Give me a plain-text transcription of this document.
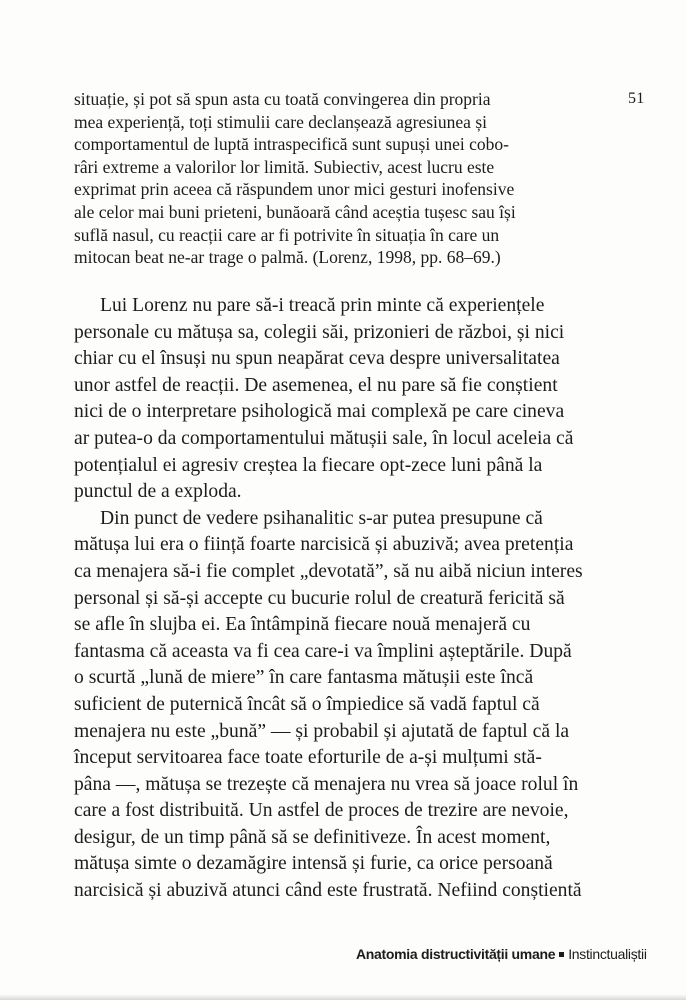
51
situație, și pot să spun asta cu toată convingerea din propria
mea experiență, toți stimulii care declanșează agresiunea și
comportamentul de luptă intraspecifică sunt supuși unei cobo-
râri extreme a valorilor lor limită. Subiectiv, acest lucru este
exprimat prin aceea că răspundem unor mici gesturi inofensive
ale celor mai buni prieteni, bunăoară când aceștia tușesc sau își
suflă nasul, cu reacții care ar fi potrivite în situația în care un
mitocan beat ne-ar trage o palmă. (Lorenz, 1998, pp. 68–69.)
Lui Lorenz nu pare să-i treacă prin minte că experiențele
personale cu mătușa sa, colegii săi, prizonieri de război, și nici
chiar cu el însuși nu spun neapărat ceva despre universalitatea
unor astfel de reacții. De asemenea, el nu pare să fie conștient
nici de o interpretare psihologică mai complexă pe care cineva
ar putea-o da comportamentului mătușii sale, în locul aceleia că
potențialul ei agresiv creștea la fiecare opt-zece luni până la
punctul de a exploda.
Din punct de vedere psihanalitic s-ar putea presupune că
mătușa lui era o ființă foarte narcisică și abuzivă; avea pretenția
ca menajera să-i fie complet „devotată”, să nu aibă niciun interes
personal și să-și accepte cu bucurie rolul de creatură fericită să
se afle în slujba ei. Ea întâmpină fiecare nouă menajeră cu
fantasma că aceasta va fi cea care-i va împlini așteptările. După
o scurtă „lună de miere” în care fantasma mătușii este încă
suficient de puternică încât să o împiedice să vadă faptul că
menajera nu este „bună” — și probabil și ajutată de faptul că la
început servitoarea face toate eforturile de a-și mulțumi stă-
pâna —, mătușa se trezește că menajera nu vrea să joace rolul în
care a fost distribuită. Un astfel de proces de trezire are nevoie,
desigur, de un timp până să se definitiveze. În acest moment,
mătușa simte o dezamăgire intensă și furie, ca orice persoană
narcisică și abuzivă atunci când este frustrată. Nefiind conștientă
Anatomia distructivității umane Instinctualiștii
